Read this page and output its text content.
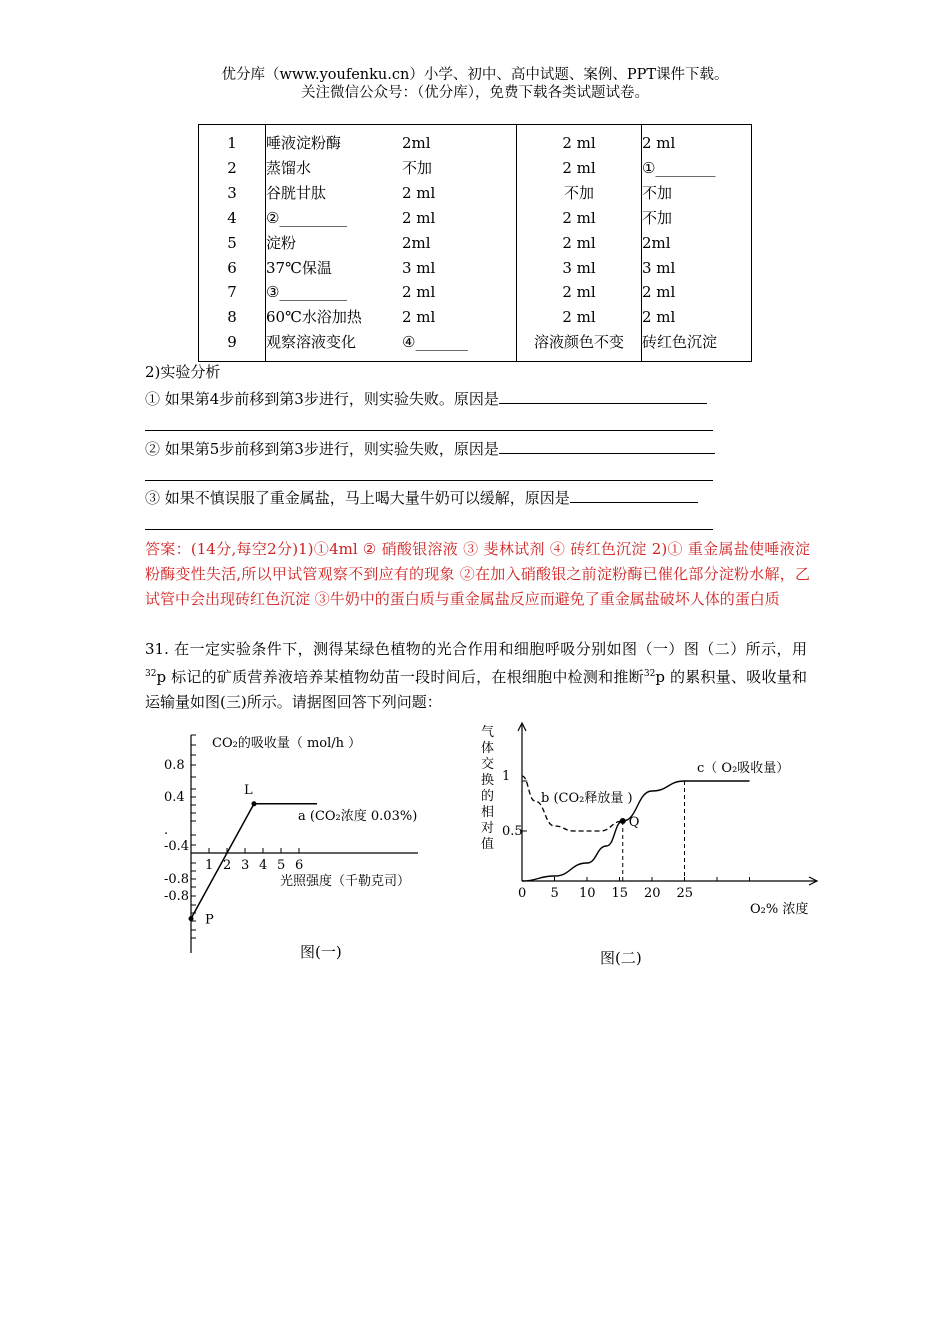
优分库（www.youfenku.cn）小学、初中、高中试题、案例、PPT课件下载。
关注微信公众号：（优分库），免费下载各类试题试卷。
1	唾液淀粉酶	2ml	2 ml	2 ml
2	蒸馏水	不加	2 ml	①________
3	谷胱甘肽	2 ml	不加	不加
4	②_________	2 ml	2 ml	不加
5	淀粉	2ml	2 ml	2ml
6	37℃保温	3 ml	3 ml	3 ml
7	③_________	2 ml	2 ml	2 ml
8	60℃水浴加热	2 ml	2 ml	2 ml
9	观察溶液变化	④_______	溶液颜色不变	砖红色沉淀
2)实验分析
① 如果第4步前移到第3步进行，则实验失败。原因是
② 如果第5步前移到第3步进行，则实验失败，原因是
③ 如果不慎误服了重金属盐，马上喝大量牛奶可以缓解，原因是
答案：(14分,每空2分)1)①4ml ② 硝酸银溶液 ③ 斐林试剂 ④ 砖红色沉淀 2)① 重金属盐使唾液淀粉酶变性失活,所以甲试管观察不到应有的现象 ②在加入硝酸银之前淀粉酶已催化部分淀粉水解，乙试管中会出现砖红色沉淀 ③牛奶中的蛋白质与重金属盐反应而避免了重金属盐破坏人体的蛋白质
31. 在一定实验条件下，测得某绿色植物的光合作用和细胞呼吸分别如图（一）图（二）所示，用$^{32}$p 标记的矿质营养液培养某植物幼苗一段时间后，在根细胞中检测和推断$^{32}$p 的累积量、吸收量和运输量如图(三)所示。请据图回答下列问题：
0.8
0.4
.
-0.4
-0.8
-0.8
1 2 3 4 5 6
a (CO₂浓度 0.03%)
P
L
CO₂的吸收量（ mol/h ）
光照强度（千勒克司）
图(一)
气
体
交
换
的
相
对
值
1
0.5
0 5 10 15 20 25
b (CO₂释放量 )
c（ O₂吸收量）
Q
O₂% 浓度
图(二)
